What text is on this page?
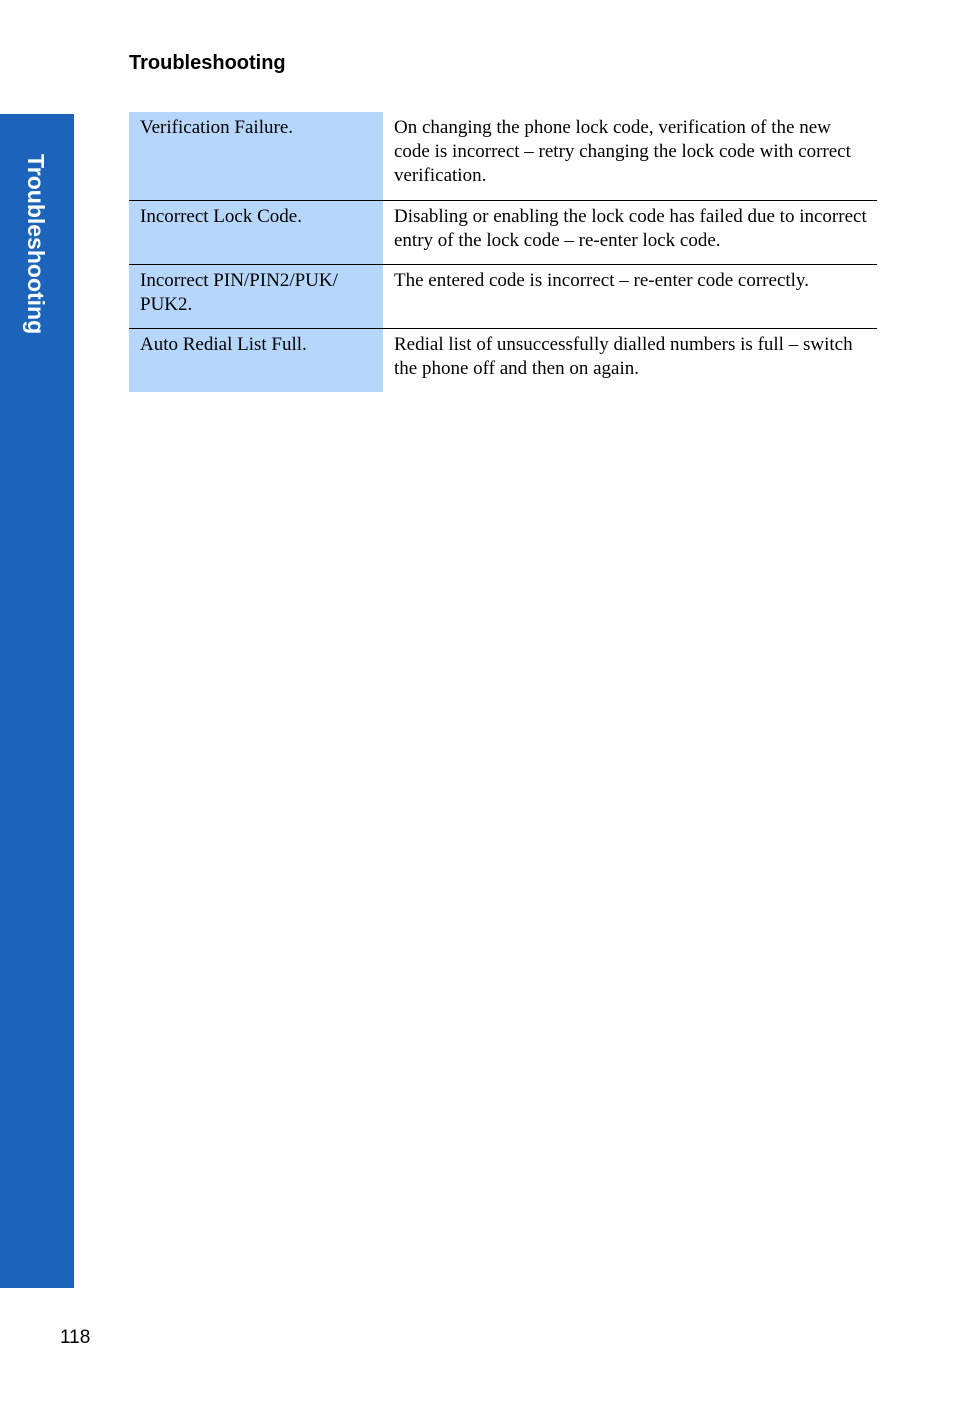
Troubleshooting
Troubleshooting
Verification Failure.	On changing the phone lock code, verification of the new code is incorrect – retry changing the lock code with correct verification.
Incorrect Lock Code.	Disabling or enabling the lock code has failed due to incorrect entry of the lock code – re-enter lock code.
Incorrect PIN/PIN2/PUK/ PUK2.	The entered code is incorrect – re-enter code correctly.
Auto Redial List Full.	Redial list of unsuccessfully dialled numbers is full – switch the phone off and then on again.
118
